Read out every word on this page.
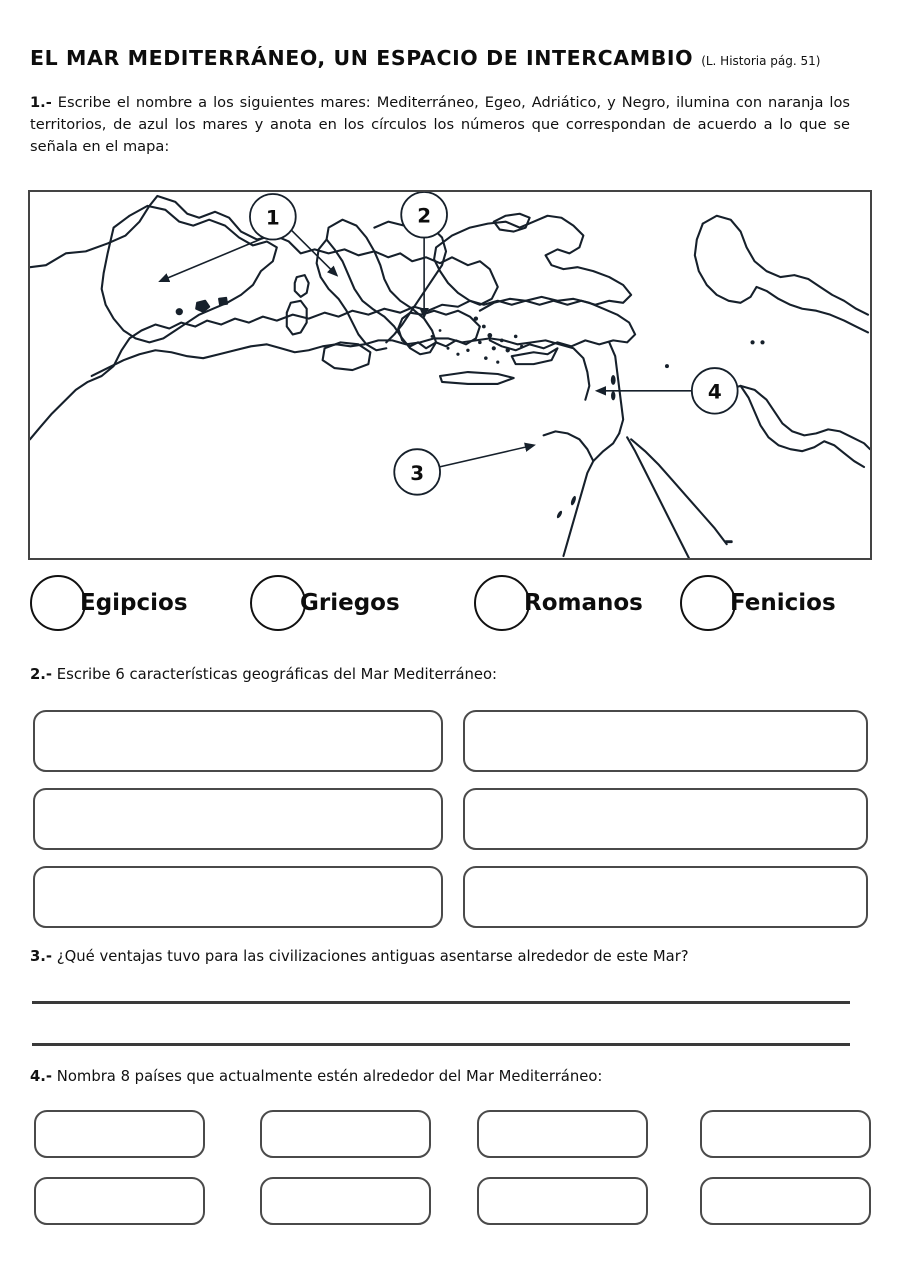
EL MAR MEDITERRÁNEO, UN ESPACIO DE INTERCAMBIO (L. Historia pág. 51)
1.- Escribe el nombre a los siguientes mares: Mediterráneo, Egeo, Adriático, y Negro, ilumina con naranja los territorios, de azul los mares y anota en los círculos los números que correspondan de acuerdo a lo que se señala en el mapa:
1	2
3
4
Egipcios	Griegos	Romanos	Fenicios
2.- Escribe 6 características geográficas del Mar Mediterráneo:
3.- ¿Qué ventajas tuvo para las civilizaciones antiguas asentarse alrededor de este Mar?
4.- Nombra 8 países que actualmente estén alrededor del Mar Mediterráneo:
